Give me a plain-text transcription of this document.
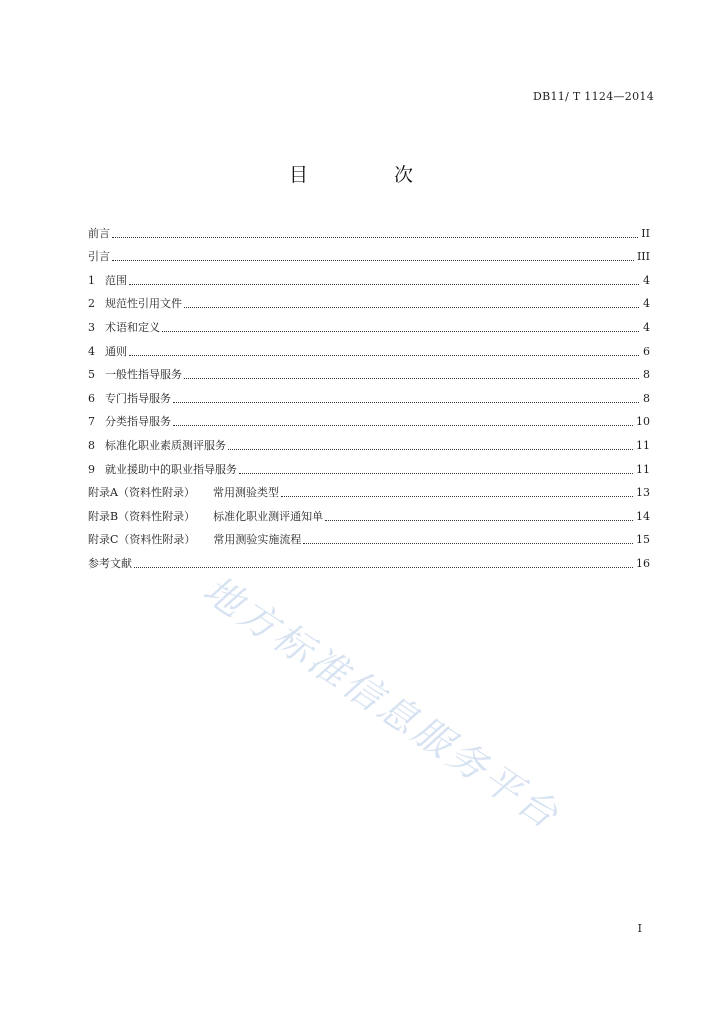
DB11/ T 1124—2014
目 次
前言	II
引言	III
1 范围	4
2 规范性引用文件	4
3 术语和定义	4
4 通则	6
5 一般性指导服务	8
6 专门指导服务	8
7 分类指导服务	10
8 标准化职业素质测评服务	11
9 就业援助中的职业指导服务	11
附录A（资料性附录） 常用测验类型	13
附录B（资料性附录） 标准化职业测评通知单	14
附录C（资料性附录） 常用测验实施流程	15
参考文献	16
地方标准信息服务平台
I
